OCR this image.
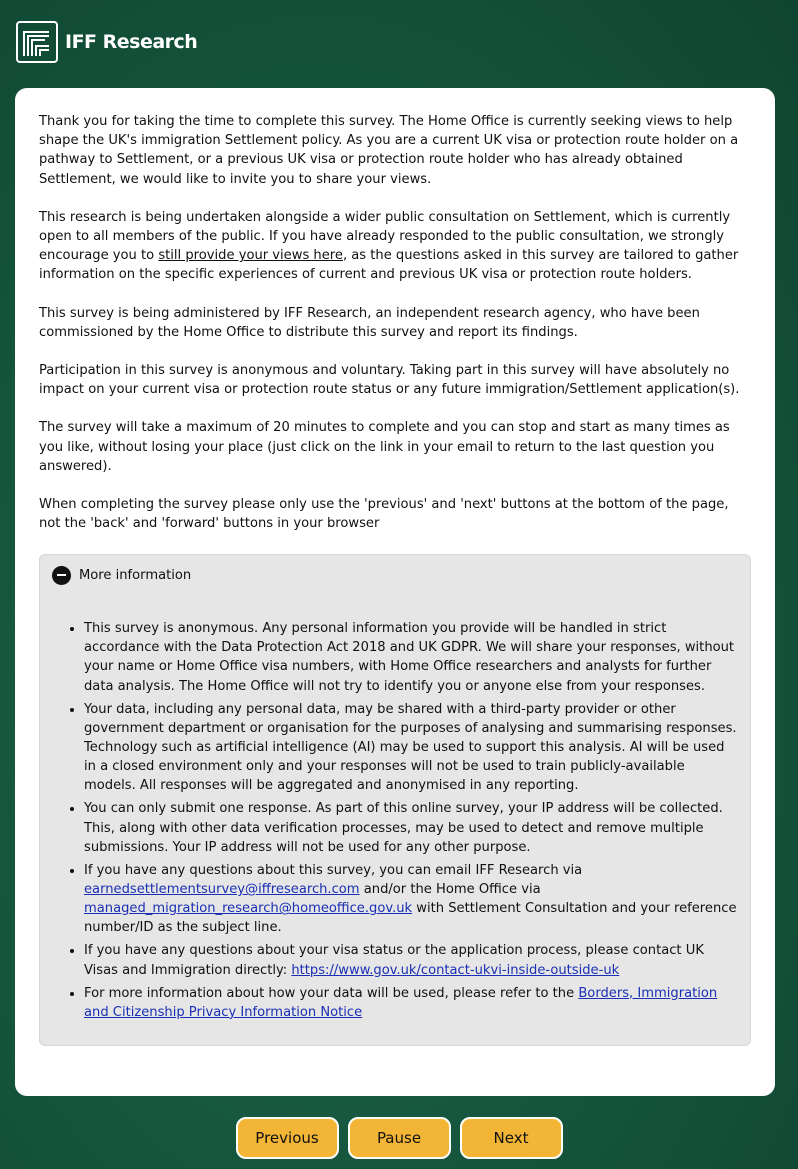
IFF Research

Thank you for taking the time to complete this survey. The Home Office is currently seeking views to help shape the UK's immigration Settlement policy. As you are a current UK visa or protection route holder on a pathway to Settlement, or a previous UK visa or protection route holder who has already obtained Settlement, we would like to invite you to share your views.

This research is being undertaken alongside a wider public consultation on Settlement, which is currently open to all members of the public. If you have already responded to the public consultation, we strongly encourage you to still provide your views here, as the questions asked in this survey are tailored to gather information on the specific experiences of current and previous UK visa or protection route holders.

This survey is being administered by IFF Research, an independent research agency, who have been commissioned by the Home Office to distribute this survey and report its findings.

Participation in this survey is anonymous and voluntary. Taking part in this survey will have absolutely no impact on your current visa or protection route status or any future immigration/Settlement application(s).

The survey will take a maximum of 20 minutes to complete and you can stop and start as many times as you like, without losing your place (just click on the link in your email to return to the last question you answered).

When completing the survey please only use the 'previous' and 'next' buttons at the bottom of the page, not the 'back' and 'forward' buttons in your browser

More information
• This survey is anonymous. Any personal information you provide will be handled in strict accordance with the Data Protection Act 2018 and UK GDPR. We will share your responses, without your name or Home Office visa numbers, with Home Office researchers and analysts for further data analysis. The Home Office will not try to identify you or anyone else from your responses.
• Your data, including any personal data, may be shared with a third-party provider or other government department or organisation for the purposes of analysing and summarising responses. Technology such as artificial intelligence (AI) may be used to support this analysis. AI will be used in a closed environment only and your responses will not be used to train publicly-available models. All responses will be aggregated and anonymised in any reporting.
• You can only submit one response. As part of this online survey, your IP address will be collected. This, along with other data verification processes, may be used to detect and remove multiple submissions. Your IP address will not be used for any other purpose.
• If you have any questions about this survey, you can email IFF Research via earnedsettlementsurvey@iffresearch.com and/or the Home Office via managed_migration_research@homeoffice.gov.uk with Settlement Consultation and your reference number/ID as the subject line.
• If you have any questions about your visa status or the application process, please contact UK Visas and Immigration directly: https://www.gov.uk/contact-ukvi-inside-outside-uk
• For more information about how your data will be used, please refer to the Borders, Immigration and Citizenship Privacy Information Notice
Previous	Pause	Next
